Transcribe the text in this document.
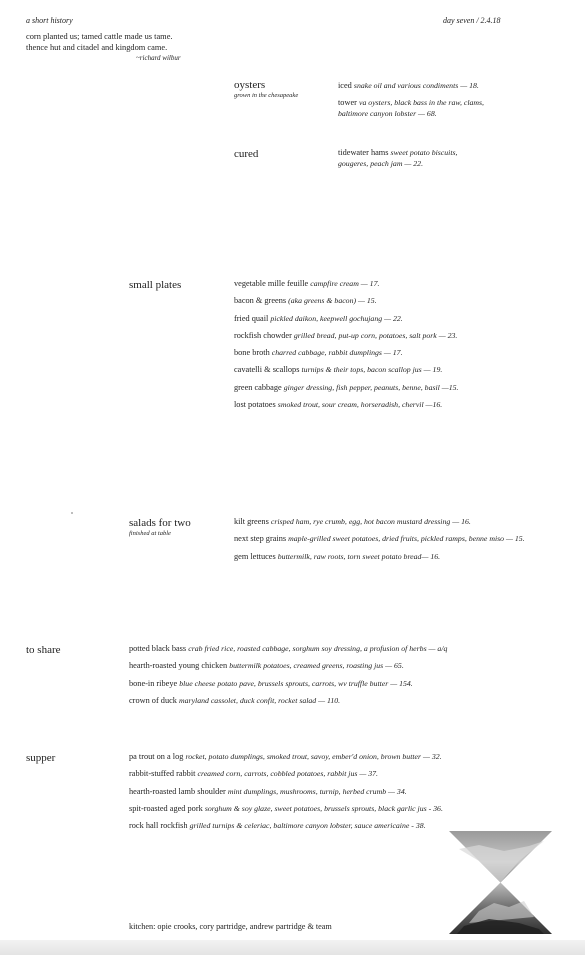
a short history	day seven / 2.4.18
corn planted us; tamed cattle made us tame.
thence hut and citadel and kingdom came.
~richard wilbur
oysters
grown in the chesapeake
iced snake oil and various condiments — 18.
tower va oysters, black bass in the raw, clams,
baltimore canyon lobster — 68.
cured	tidewater hams sweet potato biscuits,
gougeres, peach jam — 22.
small plates	vegetable mille feuille campfire cream — 17.
bacon & greens (aka greens & bacon) — 15.
fried quail pickled daikon, keepwell gochujang — 22.
rockfish chowder grilled bread, put-up corn, potatoes, salt pork — 23.
bone broth charred cabbage, rabbit dumplings — 17.
cavatelli & scallops turnips & their tops, bacon scallop jus — 19.
green cabbage ginger dressing, fish pepper, peanuts, benne, basil —15.
lost potatoes smoked trout, sour cream, horseradish, chervil —16.
salads for two
finished at table
kilt greens crisped ham, rye crumb, egg, hot bacon mustard dressing — 16.
next step grains maple-grilled sweet potatoes, dried fruits, pickled ramps, benne miso — 15.
gem lettuces buttermilk, raw roots, torn sweet potato bread— 16.
to share	potted black bass crab fried rice, roasted cabbage, sorghum soy dressing, a profusion of herbs — a/q
hearth-roasted young chicken buttermilk potatoes, creamed greens, roasting jus — 65.
bone-in ribeye blue cheese potato pave, brussels sprouts, carrots, wv truffle butter — 154.
crown of duck maryland cassolet, duck confit, rocket salad — 110.
supper	pa trout on a log rocket, potato dumplings, smoked trout, savoy, ember'd onion, brown butter — 32.
rabbit-stuffed rabbit creamed corn, carrots, cobbled potatoes, rabbit jus — 37.
hearth-roasted lamb shoulder mint dumplings, mushrooms, turnip, herbed crumb — 34.
spit-roasted aged pork sorghum & soy glaze, sweet potatoes, brussels sprouts, black garlic jus - 36.
rock hall rockfish grilled turnips & celeriac, baltimore canyon lobster, sauce americaine - 38.
kitchen: opie crooks, cory partridge, andrew partridge & team
